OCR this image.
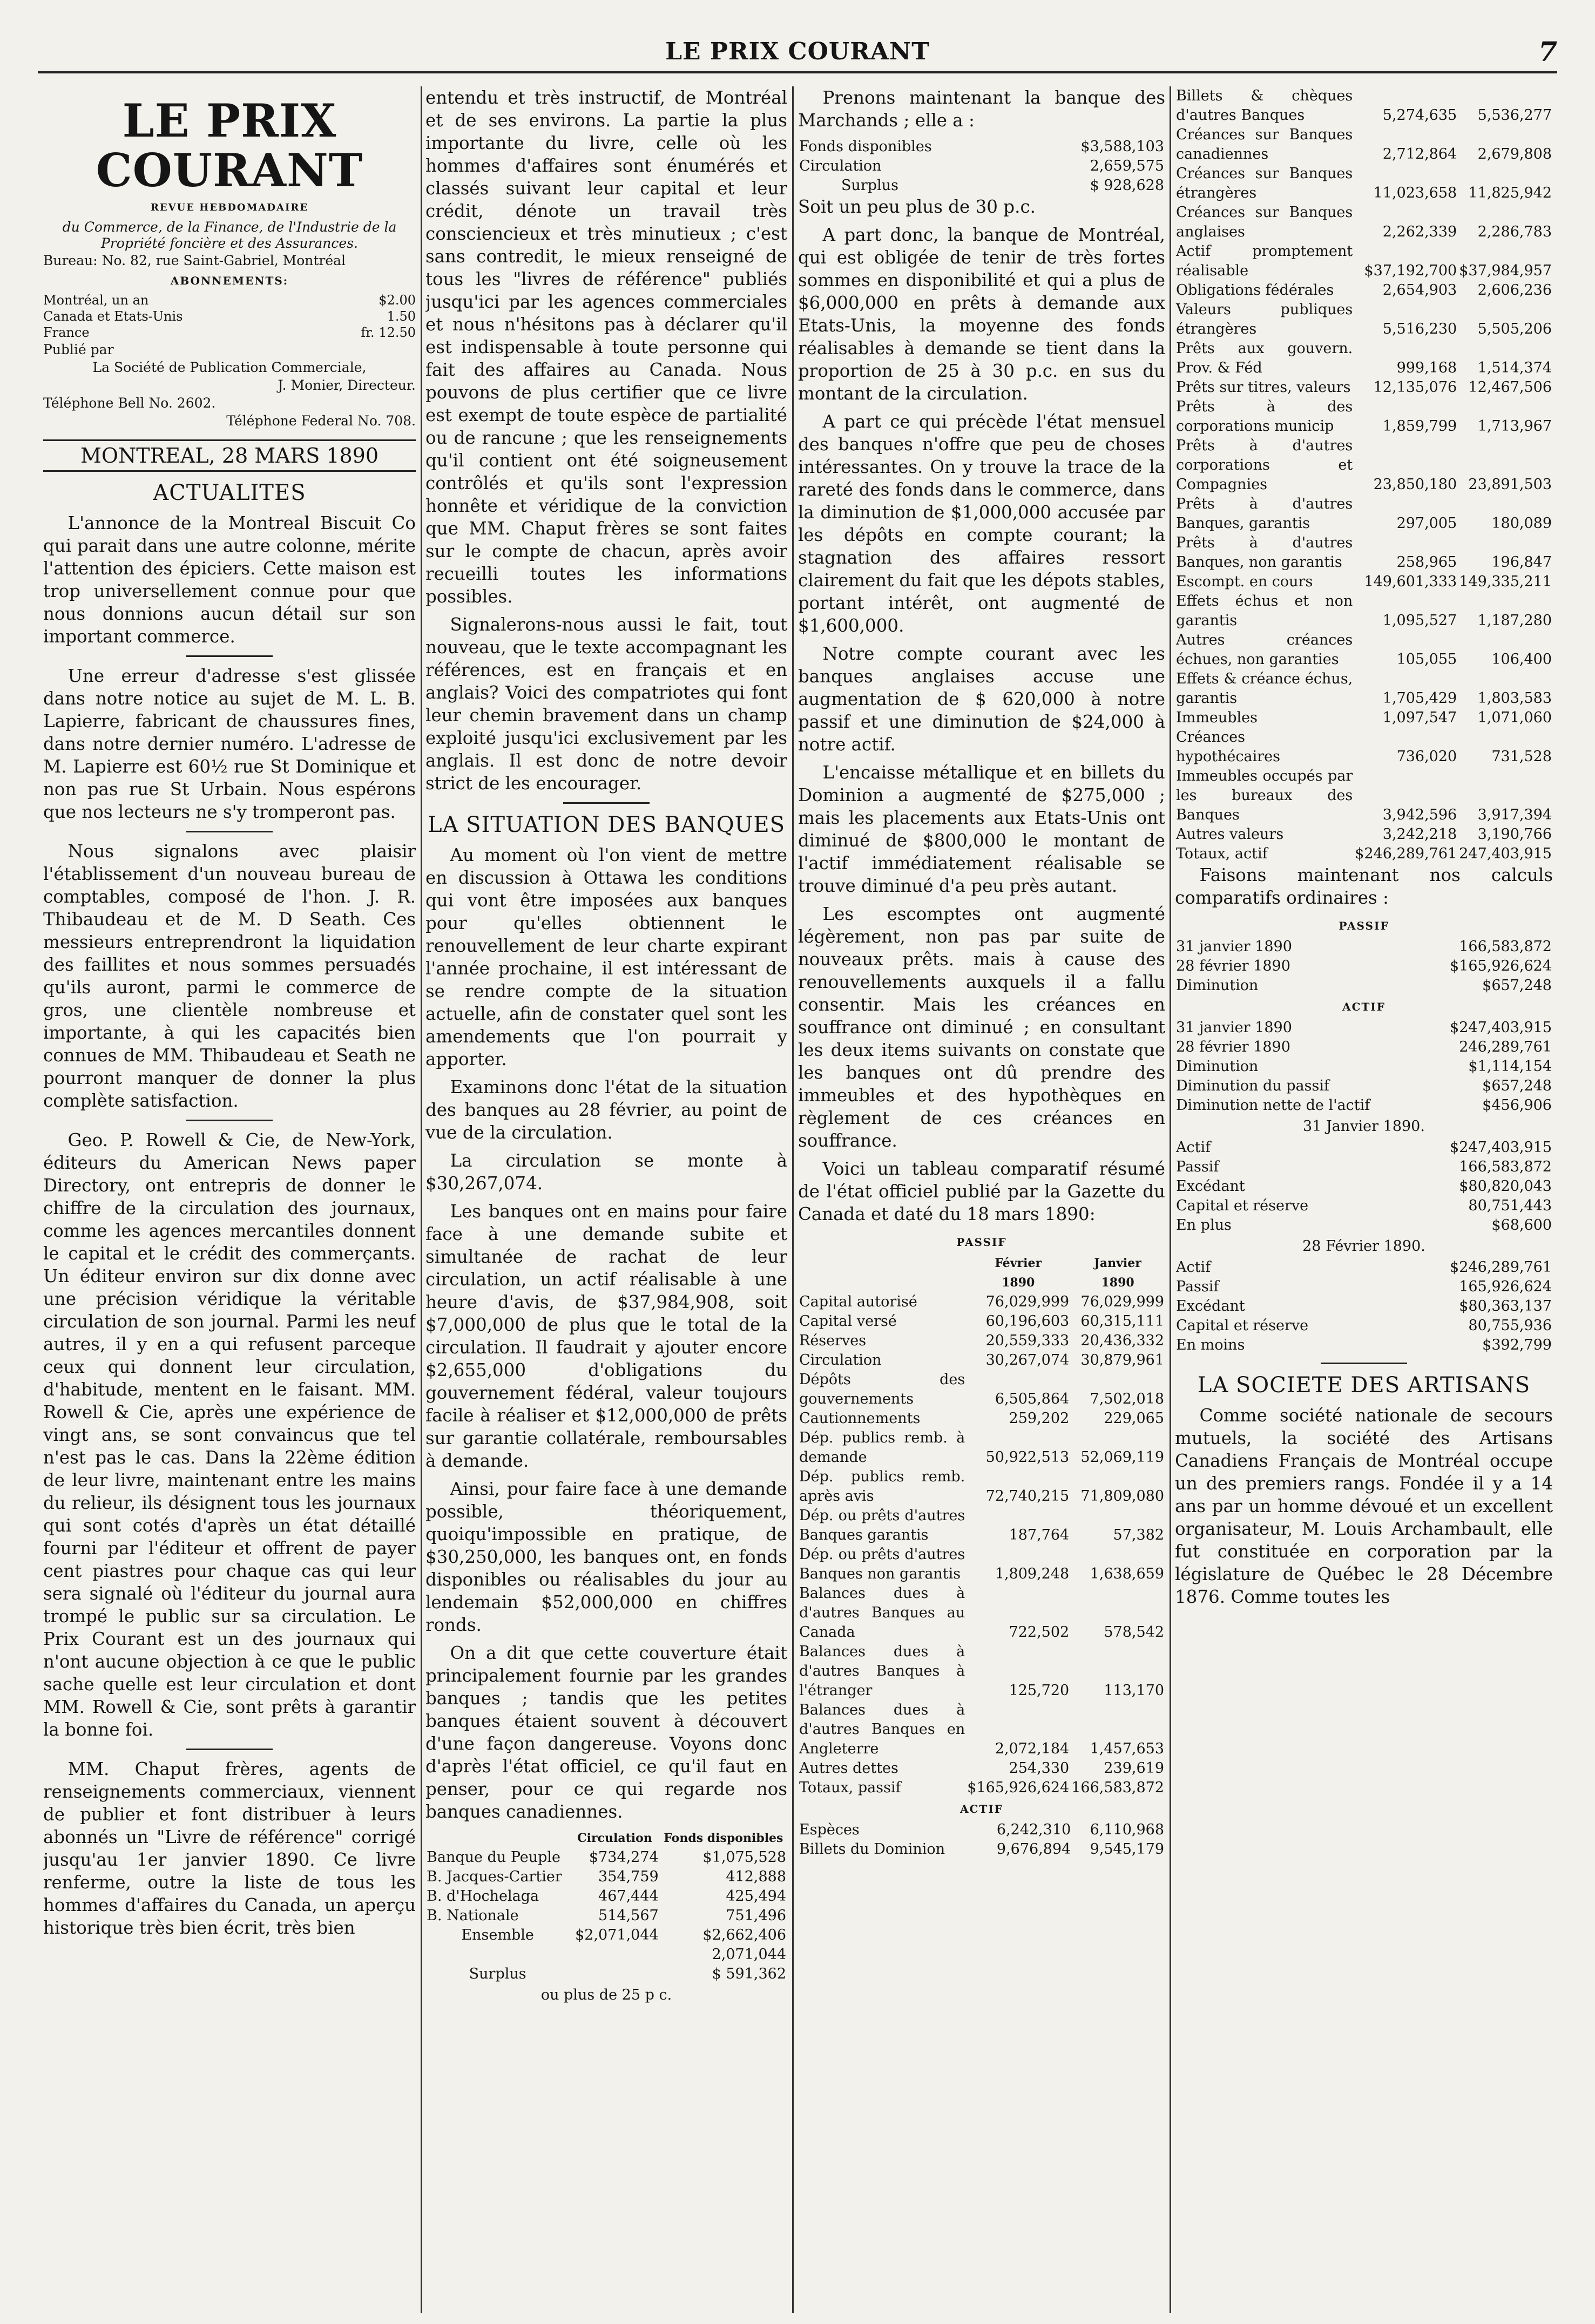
LE PRIX COURANT	7
LE PRIX COURANT
REVUE HEBDOMADAIRE
du Commerce, de la Finance, de l'Industrie de la Propriété foncière et des Assurances.
Bureau: No. 82, rue Saint-Gabriel, Montréal
ABONNEMENTS:
Montréal, un an	$2.00
Canada et Etats-Unis	1.50
France	fr. 12.50
Publié par
La Société de Publication Commerciale,
J. Monier, Directeur.
Téléphone Bell No. 2602.
Téléphone Federal No. 708.
MONTREAL, 28 MARS 1890
ACTUALITES

L'annonce de la Montreal Biscuit Co qui parait dans une autre colonne, mérite l'attention des épiciers. Cette maison est trop universellement connue pour que nous donnions aucun détail sur son important commerce.

Une erreur d'adresse s'est glissée dans notre notice au sujet de M. L. B. Lapierre, fabricant de chaussures fines, dans notre dernier numéro. L'adresse de M. Lapierre est 60½ rue St Dominique et non pas rue St Urbain. Nous espérons que nos lecteurs ne s'y tromperont pas.

Nous signalons avec plaisir l'établissement d'un nouveau bureau de comptables, composé de l'hon. J. R. Thibaudeau et de M. D Seath. Ces messieurs entreprendront la liquidation des faillites et nous sommes persuadés qu'ils auront, parmi le commerce de gros, une clientèle nombreuse et importante, à qui les capacités bien connues de MM. Thibaudeau et Seath ne pourront manquer de donner la plus complète satisfaction.

Geo. P. Rowell & Cie, de New-York, éditeurs du American News paper Directory, ont entrepris de donner le chiffre de la circulation des journaux, comme les agences mercantiles donnent le capital et le crédit des commerçants. Un éditeur environ sur dix donne avec une précision véridique la véritable circulation de son journal. Parmi les neuf autres, il y en a qui refusent parceque ceux qui donnent leur circulation, d'habitude, mentent en le faisant. MM. Rowell & Cie, après une expérience de vingt ans, se sont convaincus que tel n'est pas le cas. Dans la 22ème édition de leur livre, maintenant entre les mains du relieur, ils désignent tous les journaux qui sont cotés d'après un état détaillé fourni par l'éditeur et offrent de payer cent piastres pour chaque cas qui leur sera signalé où l'éditeur du journal aura trompé le public sur sa circulation. Le Prix Courant est un des journaux qui n'ont aucune objection à ce que le public sache quelle est leur circulation et dont MM. Rowell & Cie, sont prêts à garantir la bonne foi.

MM. Chaput frères, agents de renseignements commerciaux, viennent de publier et font distribuer à leurs abonnés un "Livre de référence" corrigé jusqu'au 1er janvier 1890. Ce livre renferme, outre la liste de tous les hommes d'affaires du Canada, un aperçu historique très bien écrit, très bien

entendu et très instructif, de Montréal et de ses environs. La partie la plus importante du livre, celle où les hommes d'affaires sont énumérés et classés suivant leur capital et leur crédit, dénote un travail très consciencieux et très minutieux ; c'est sans contredit, le mieux renseigné de tous les "livres de référence" publiés jusqu'ici par les agences commerciales et nous n'hésitons pas à déclarer qu'il est indispensable à toute personne qui fait des affaires au Canada. Nous pouvons de plus certifier que ce livre est exempt de toute espèce de partialité ou de rancune ; que les renseignements qu'il contient ont été soigneusement contrôlés et qu'ils sont l'expression honnête et véridique de la conviction que MM. Chaput frères se sont faites sur le compte de chacun, après avoir recueilli toutes les informations possibles.

Signalerons-nous aussi le fait, tout nouveau, que le texte accompagnant les références, est en français et en anglais? Voici des compatriotes qui font leur chemin bravement dans un champ exploité jusqu'ici exclusivement par les anglais. Il est donc de notre devoir strict de les encourager.

LA SITUATION DES BANQUES

Au moment où l'on vient de mettre en discussion à Ottawa les conditions qui vont être imposées aux banques pour qu'elles obtiennent le renouvellement de leur charte expirant l'année prochaine, il est intéressant de se rendre compte de la situation actuelle, afin de constater quel sont les amendements que l'on pourrait y apporter.

Examinons donc l'état de la situation des banques au 28 février, au point de vue de la circulation.

La circulation se monte à $30,267,074.

Les banques ont en mains pour faire face à une demande subite et simultanée de rachat de leur circulation, un actif réalisable à une heure d'avis, de $37,984,908, soit $7,000,000 de plus que le total de la circulation. Il faudrait y ajouter encore $2,655,000 d'obligations du gouvernement fédéral, valeur toujours facile à réaliser et $12,000,000 de prêts sur garantie collatérale, remboursables à demande.

Ainsi, pour faire face à une demande possible, théoriquement, quoiqu'impossible en pratique, de $30,250,000, les banques ont, en fonds disponibles ou réalisables du jour au lendemain $52,000,000 en chiffres ronds.

On a dit que cette couverture était principalement fournie par les grandes banques ; tandis que les petites banques étaient souvent à découvert d'une façon dangereuse. Voyons donc d'après l'état officiel, ce qu'il faut en penser, pour ce qui regarde nos banques canadiennes.

	Circulation	Fonds disponibles
Banque du Peuple	$734,274	$1,075,528
B. Jacques-Cartier	354,759	412,888
B. d'Hochelaga	467,444	425,494
B. Nationale	514,567	751,496
Ensemble	$2,071,044	$2,662,406
		2,071,044
Surplus		$ 591,362
ou plus de 25 p c.

Prenons maintenant la banque des Marchands ; elle a :

Fonds disponibles	$3,588,103
Circulation	2,659,575
Surplus	$ 928,628

Soit un peu plus de 30 p.c.

A part donc, la banque de Montréal, qui est obligée de tenir de très fortes sommes en disponibilité et qui a plus de $6,000,000 en prêts à demande aux Etats-Unis, la moyenne des fonds réalisables à demande se tient dans la proportion de 25 à 30 p.c. en sus du montant de la circulation.

A part ce qui précède l'état mensuel des banques n'offre que peu de choses intéressantes. On y trouve la trace de la rareté des fonds dans le commerce, dans la diminution de $1,000,000 accusée par les dépôts en compte courant; la stagnation des affaires ressort clairement du fait que les dépots stables, portant intérêt, ont augmenté de $1,600,000.

Notre compte courant avec les banques anglaises accuse une augmentation de $ 620,000 à notre passif et une diminution de $24,000 à notre actif.

L'encaisse métallique et en billets du Dominion a augmenté de $275,000 ; mais les placements aux Etats-Unis ont diminué de $800,000 le montant de l'actif immédiatement réalisable se trouve diminué d'a peu près autant.

Les escomptes ont augmenté légèrement, non pas par suite de nouveaux prêts. mais à cause des renouvellements auxquels il a fallu consentir. Mais les créances en souffrance ont diminué ; en consultant les deux items suivants on constate que les banques ont dû prendre des immeubles et des hypothèques en règlement de ces créances en souffrance.

Voici un tableau comparatif résumé de l'état officiel publié par la Gazette du Canada et daté du 18 mars 1890:

PASSIF
	Février	Janvier
	1890	1890
Capital autorisé	76,029,999	76,029,999
Capital versé	60,196,603	60,315,111
Réserves	20,559,333	20,436,332
Circulation	30,267,074	30,879,961
Dépôts des gouvernements	6,505,864	7,502,018
Cautionnements	259,202	229,065
Dép. publics remb. à demande	50,922,513	52,069,119
Dép. publics remb. après avis	72,740,215	71,809,080
Dép. ou prêts d'autres Banques garantis	187,764	57,382
Dép. ou prêts d'autres Banques non garantis	1,809,248	1,638,659
Balances dues à d'autres Banques au Canada	722,502	578,542
Balances dues à d'autres Banques à l'étranger	125,720	113,170
Balances dues à d'autres Banques en Angleterre	2,072,184	1,457,653
Autres dettes	254,330	239,619
Totaux, passif	$165,926,624	166,583,872
ACTIF
Espèces	6,242,310	6,110,968
Billets du Dominion	9,676,894	9,545,179
Billets & chèques d'autres Banques	5,274,635	5,536,277
Créances sur Banques canadiennes	2,712,864	2,679,808
Créances sur Banques étrangères	11,023,658	11,825,942
Créances sur Banques anglaises	2,262,339	2,286,783
Actif promptement réalisable	$37,192,700	$37,984,957
Obligations fédérales	2,654,903	2,606,236
Valeurs publiques étrangères	5,516,230	5,505,206
Prêts aux gouvern. Prov. & Féd	999,168	1,514,374
Prêts sur titres, valeurs	12,135,076	12,467,506
Prêts à des corporations municip	1,859,799	1,713,967
Prêts à d'autres corporations et Compagnies	23,850,180	23,891,503
Prêts à d'autres Banques, garantis	297,005	180,089
Prêts à d'autres Banques, non garantis	258,965	196,847
Escompt. en cours	149,601,333	149,335,211
Effets échus et non garantis	1,095,527	1,187,280
Autres créances échues, non garanties	105,055	106,400
Effets & créance échus, garantis	1,705,429	1,803,583
Immeubles	1,097,547	1,071,060
Créances hypothécaires	736,020	731,528
Immeubles occupés par les bureaux des Banques	3,942,596	3,917,394
Autres valeurs	3,242,218	3,190,766
Totaux, actif	$246,289,761	247,403,915

Faisons maintenant nos calculs comparatifs ordinaires :

PASSIF
31 janvier 1890	166,583,872
28 février 1890	$165,926,624
Diminution	$657,248
ACTIF
31 janvier 1890	$247,403,915
28 février 1890	246,289,761
Diminution	$1,114,154
Diminution du passif	$657,248
Diminution nette de l'actif	$456,906
31 Janvier 1890.
Actif	$247,403,915
Passif	166,583,872
Excédant	$80,820,043
Capital et réserve	80,751,443
En plus	$68,600
28 Février 1890.
Actif	$246,289,761
Passif	165,926,624
Excédant	$80,363,137
Capital et réserve	80,755,936
En moins	$392,799
LA SOCIETE DES ARTISANS

Comme société nationale de secours mutuels, la société des Artisans Canadiens Français de Montréal occupe un des premiers rangs. Fondée il y a 14 ans par un homme dévoué et un excellent organisateur, M. Louis Archambault, elle fut constituée en corporation par la législature de Québec le 28 Décembre 1876. Comme toutes les
